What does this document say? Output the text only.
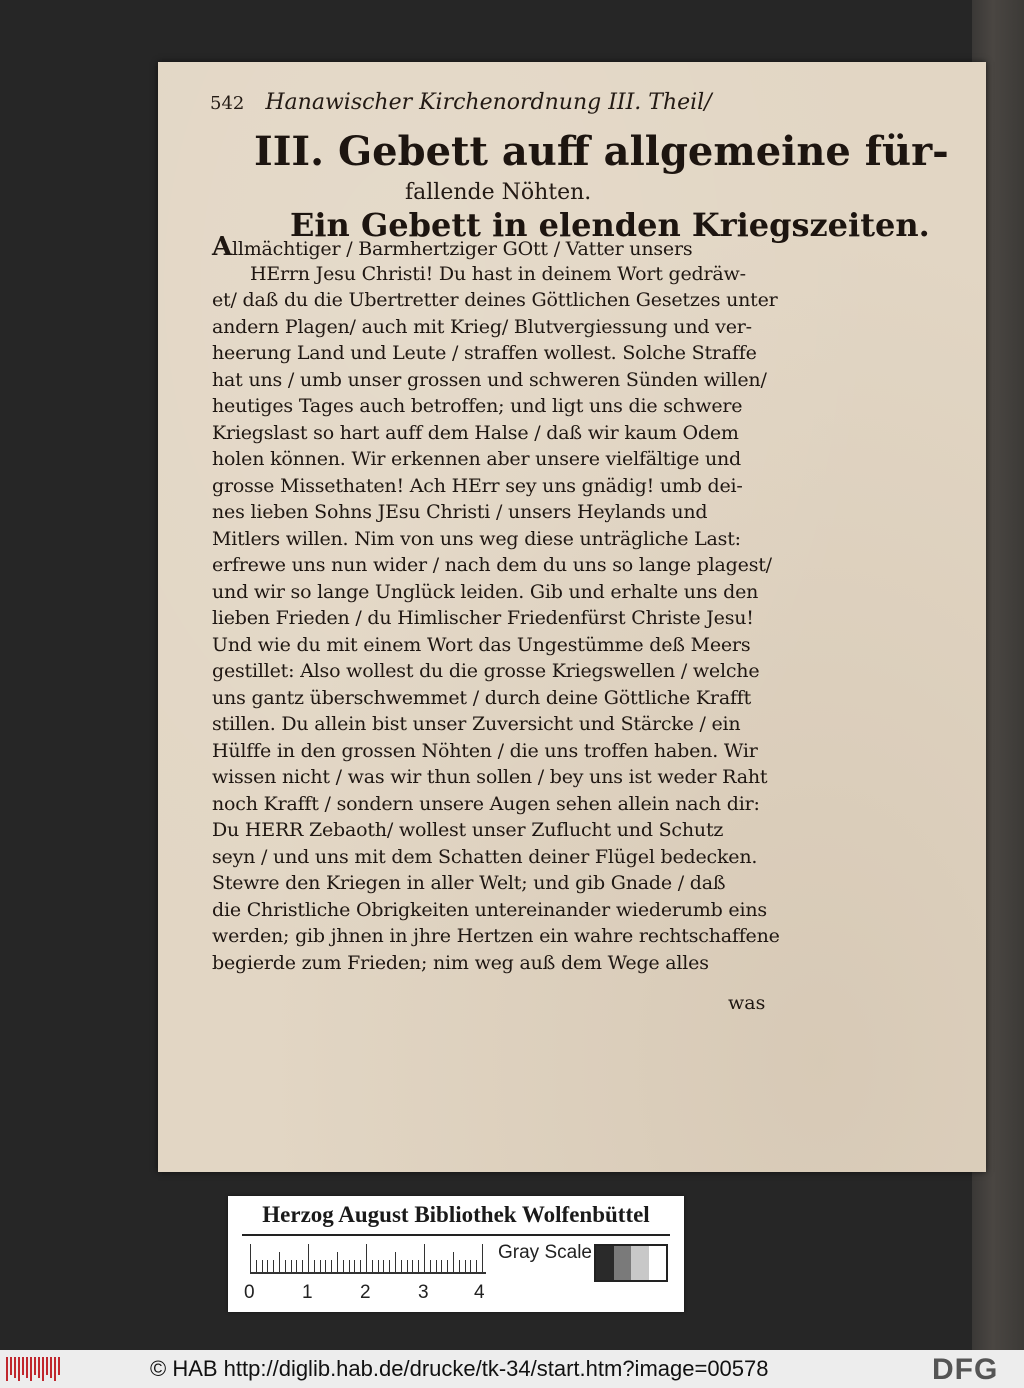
542 Hanawischer Kirchenordnung III. Theil/
III. Gebett auff allgemeine für-
fallende Nöhten.
Ein Gebett in elenden Kriegszeiten.
Allmächtiger / Barmhertziger GOtt / Vatter unsers
HErrn Jesu Christi! Du hast in deinem Wort gedräw-
et/ daß du die Ubertretter deines Göttlichen Gesetzes unter
andern Plagen/ auch mit Krieg/ Blutvergiessung und ver-
heerung Land und Leute / straffen wollest. Solche Straffe
hat uns / umb unser grossen und schweren Sünden willen/
heutiges Tages auch betroffen; und ligt uns die schwere
Kriegslast so hart auff dem Halse / daß wir kaum Odem
holen können. Wir erkennen aber unsere vielfältige und
grosse Missethaten! Ach HErr sey uns gnädig! umb dei-
nes lieben Sohns JEsu Christi / unsers Heylands und
Mitlers willen. Nim von uns weg diese unträgliche Last:
erfrewe uns nun wider / nach dem du uns so lange plagest/
und wir so lange Unglück leiden. Gib und erhalte uns den
lieben Frieden / du Himlischer Friedenfürst Christe Jesu!
Und wie du mit einem Wort das Ungestümme deß Meers
gestillet: Also wollest du die grosse Kriegswellen / welche
uns gantz überschwemmet / durch deine Göttliche Krafft
stillen. Du allein bist unser Zuversicht und Stärcke / ein
Hülffe in den grossen Nöhten / die uns troffen haben. Wir
wissen nicht / was wir thun sollen / bey uns ist weder Raht
noch Krafft / sondern unsere Augen sehen allein nach dir:
Du HERR Zebaoth/ wollest unser Zuflucht und Schutz
seyn / und uns mit dem Schatten deiner Flügel bedecken.
Stewre den Kriegen in aller Welt; und gib Gnade / daß
die Christliche Obrigkeiten untereinander wiederumb eins
werden; gib jhnen in jhre Hertzen ein wahre rechtschaffene
begierde zum Frieden; nim weg auß dem Wege alles
was
Herzog August Bibliothek Wolfenbüttel
0 1 2 3 4
Gray Scale
© HAB http://diglib.hab.de/drucke/tk-34/start.htm?image=00578	DFG
